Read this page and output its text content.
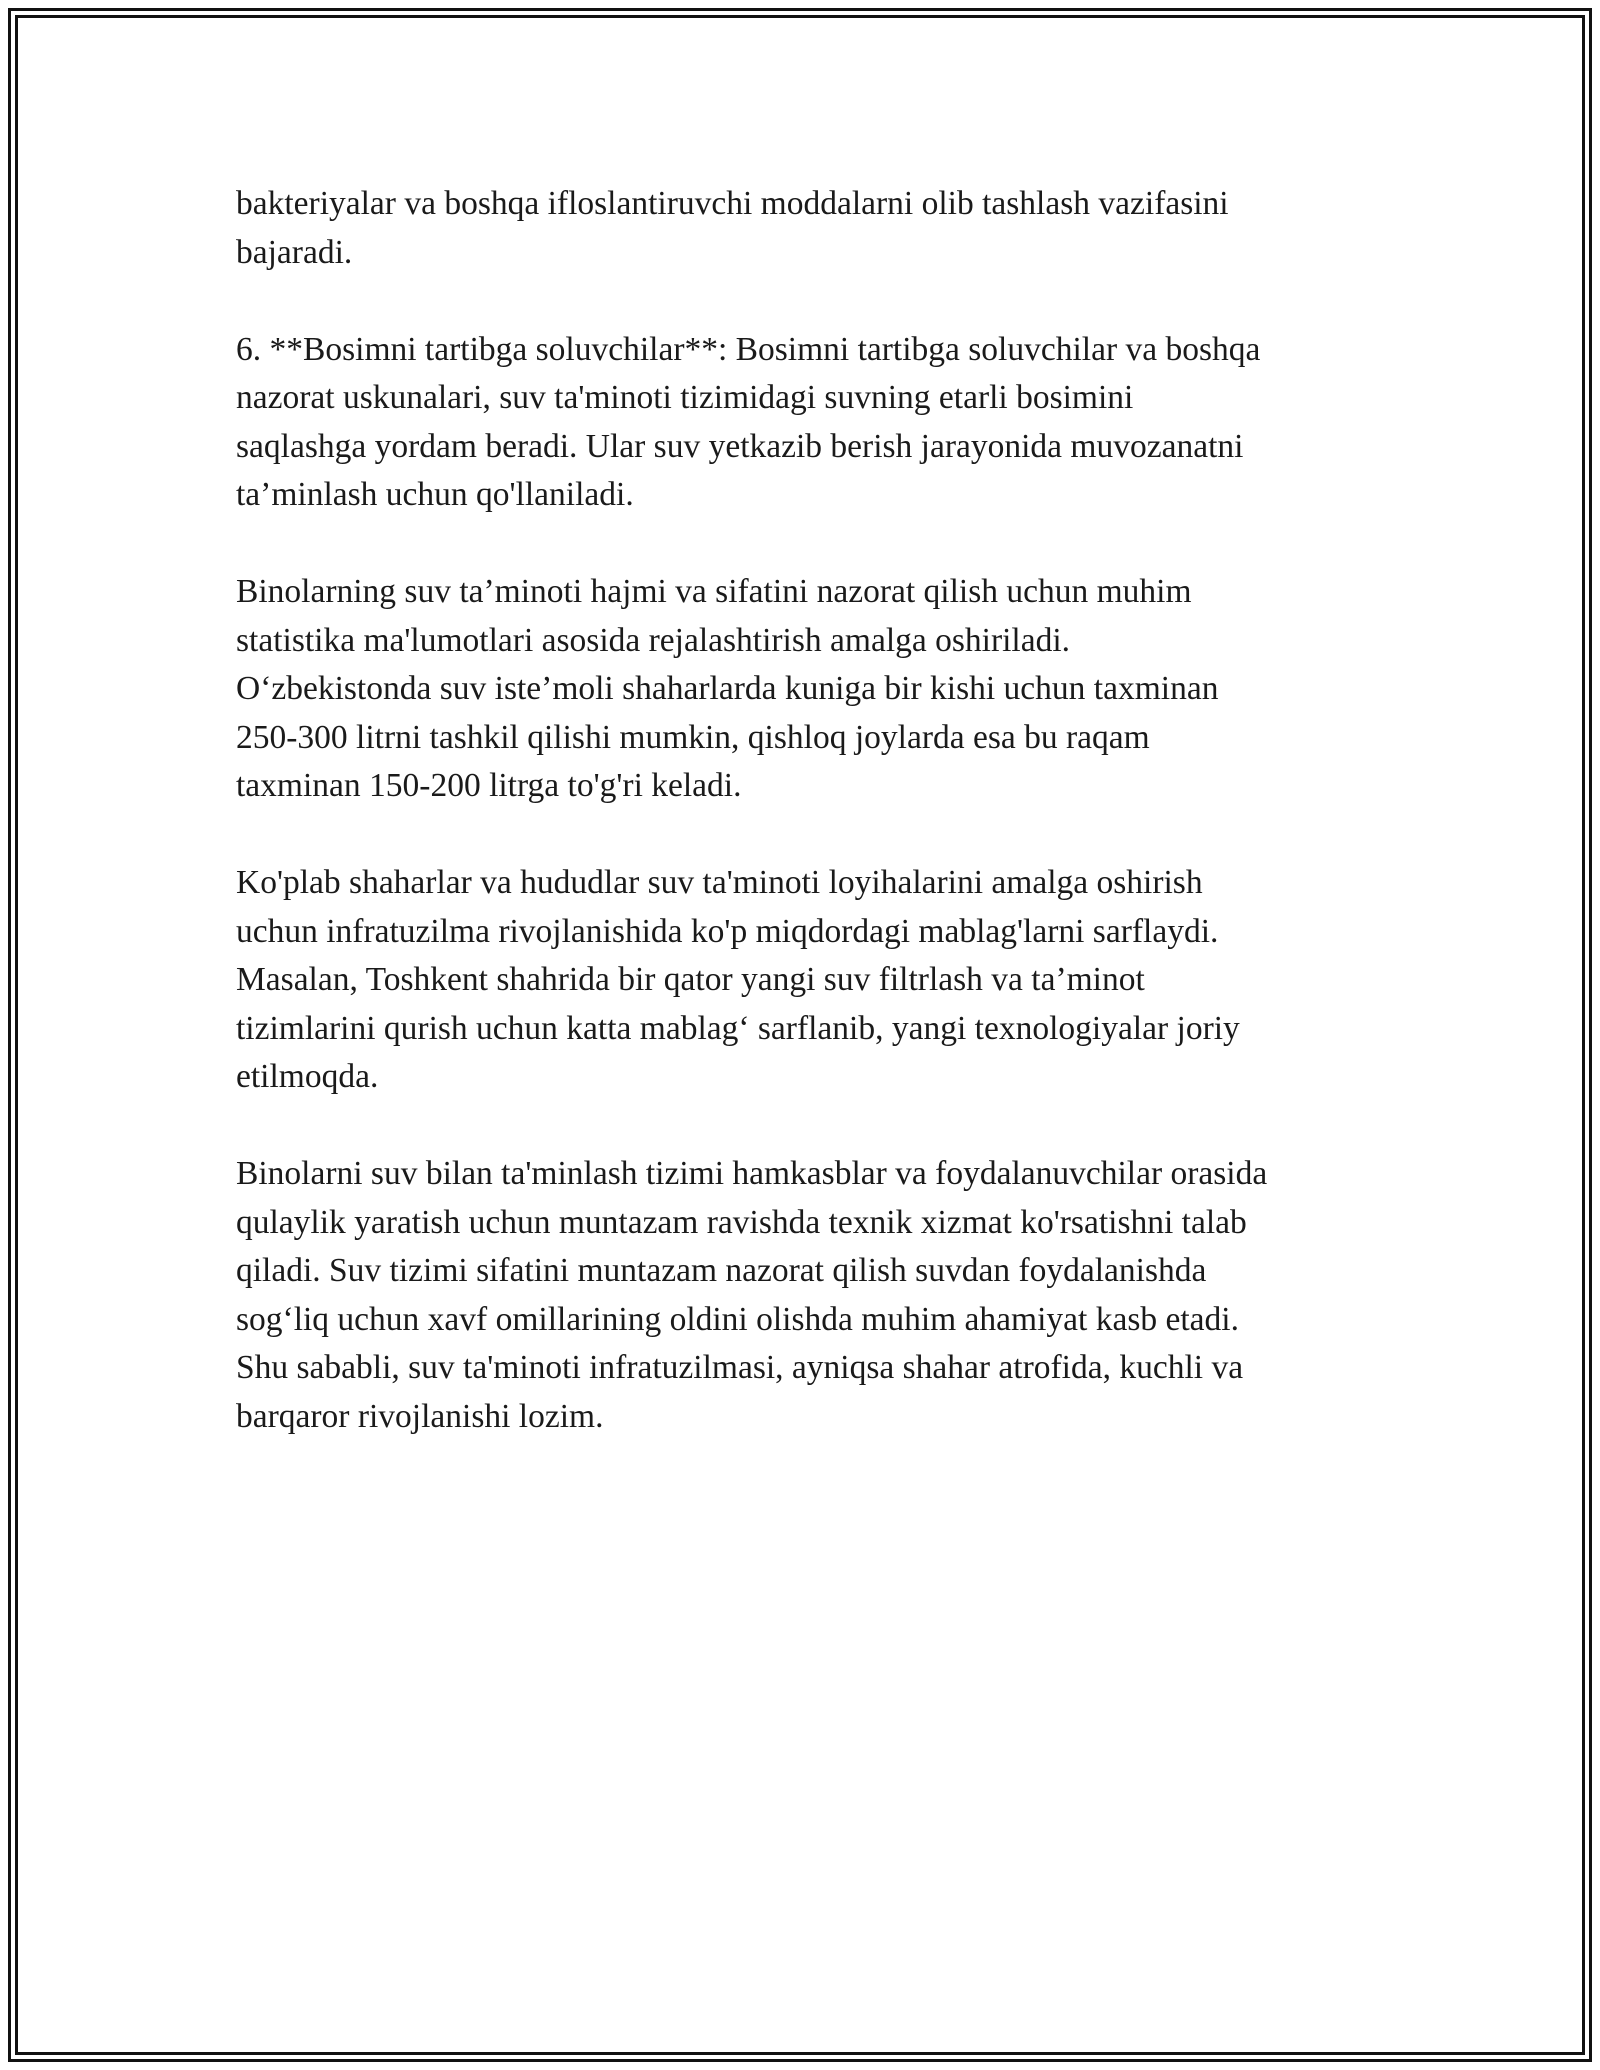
bakteriyalar va boshqa ifloslantiruvchi moddalarni olib tashlash vazifasini
bajaradi.

6. **Bosimni tartibga soluvchilar**: Bosimni tartibga soluvchilar va boshqa
nazorat uskunalari, suv ta'minoti tizimidagi suvning etarli bosimini
saqlashga yordam beradi. Ular suv yetkazib berish jarayonida muvozanatni
ta’minlash uchun qo'llaniladi.

Binolarning suv ta’minoti hajmi va sifatini nazorat qilish uchun muhim
statistika ma'lumotlari asosida rejalashtirish amalga oshiriladi.
O‘zbekistonda suv iste’moli shaharlarda kuniga bir kishi uchun taxminan
250-300 litrni tashkil qilishi mumkin, qishloq joylarda esa bu raqam
taxminan 150-200 litrga to'g'ri keladi.

Ko'plab shaharlar va hududlar suv ta'minoti loyihalarini amalga oshirish
uchun infratuzilma rivojlanishida ko'p miqdordagi mablag'larni sarflaydi.
Masalan, Toshkent shahrida bir qator yangi suv filtrlash va ta’minot
tizimlarini qurish uchun katta mablag‘ sarflanib, yangi texnologiyalar joriy
etilmoqda.

Binolarni suv bilan ta'minlash tizimi hamkasblar va foydalanuvchilar orasida
qulaylik yaratish uchun muntazam ravishda texnik xizmat ko'rsatishni talab
qiladi. Suv tizimi sifatini muntazam nazorat qilish suvdan foydalanishda
sog‘liq uchun xavf omillarining oldini olishda muhim ahamiyat kasb etadi.
Shu sababli, suv ta'minoti infratuzilmasi, ayniqsa shahar atrofida, kuchli va
barqaror rivojlanishi lozim.
